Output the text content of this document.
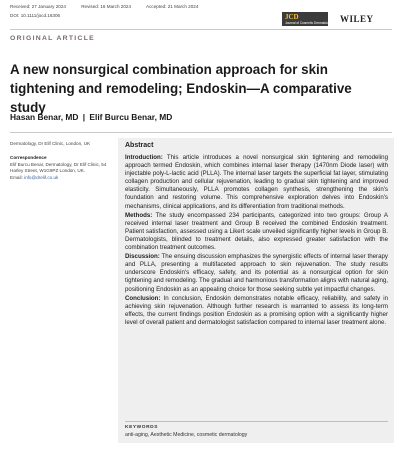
Received: 27 January 2024	Revised: 16 March 2024	Accepted: 21 March 2024
DOI: 10.1111/jocd.16306	JCD
Journal of Cosmetic Dermatology WILEY
ORIGINAL ARTICLE
A new nonsurgical combination approach for skin tightening and remodeling; Endoskin—A comparative study
Hasan Benar, MD | Elif Burcu Benar, MD
Dermatology, Dr Elif Clinic, London, UK
Correspondence
Elif Burcu Benar, Dermatology, Dr Elif Clinic, 54 Harley Street, W1G9PZ London, UK.
Email: info@drelif.co.uk
Abstract

Introduction: This article introduces a novel nonsurgical skin tightening and remodeling approach termed Endoskin, which combines internal laser therapy (1470nm Diode laser) with injectable poly-L-lactic acid (PLLA). The internal laser targets the superficial fat layer, stimulating collagen production and cellular rejuvenation, leading to gradual skin tightening and improved elasticity. Simultaneously, PLLA promotes collagen synthesis, strengthening the skin's foundation and restoring volume. This comprehensive exploration delves into Endoskin's mechanisms, clinical applications, and its differentiation from traditional methods.

Methods: The study encompassed 234 participants, categorized into two groups: Group A received internal laser treatment and Group B received the combined Endoskin treatment. Patient satisfaction, assessed using a Likert scale unveiled significantly higher levels in Group B. Dermatologists, blinded to treatment details, also expressed greater satisfaction with the combination treatment outcomes.

Discussion: The ensuing discussion emphasizes the synergistic effects of internal laser therapy and PLLA, presenting a multifaceted approach to skin rejuvenation. The study results underscore Endoskin's efficacy, safety, and its potential as a nonsurgical option for skin tightening and remodeling. The gradual and harmonious transformation aligns with natural aging, positioning Endoskin as an appealing choice for those seeking subtle yet impactful changes.

Conclusion: In conclusion, Endoskin demonstrates notable efficacy, reliability, and safety in achieving skin rejuvenation. Although further research is warranted to assess its long-term effects, the current findings position Endoskin as a promising option with a significantly higher level of overall patient and dermatologist satisfaction compared to internal laser treatment alone.

KEYWORDS
anti-aging, Aesthetic Medicine, cosmetic dermatology
